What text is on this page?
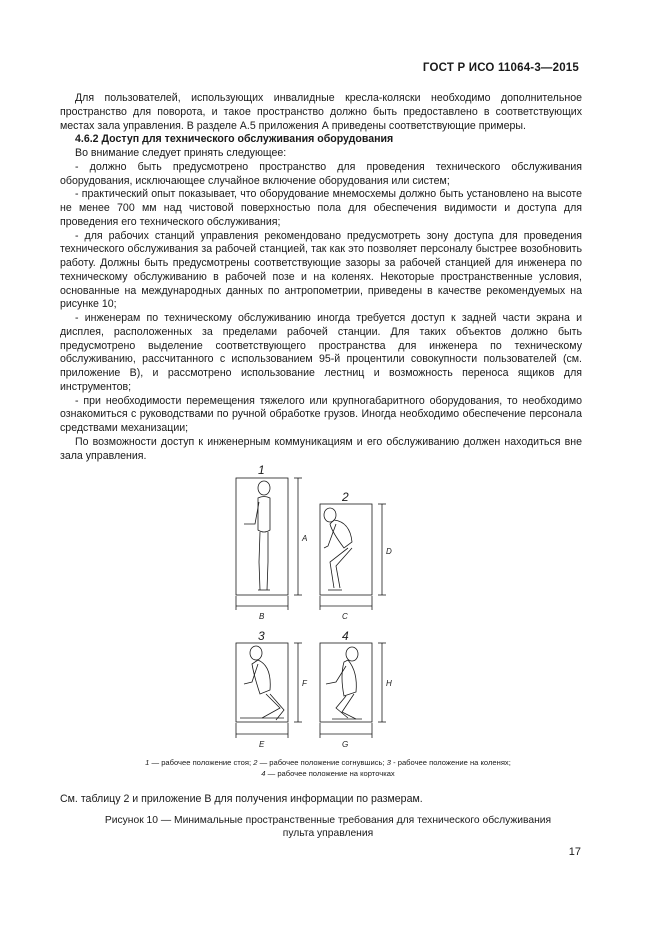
ГОСТ Р ИСО 11064-3—2015

Для пользователей, использующих инвалидные кресла-коляски необходимо дополнительное пространство для поворота, и такое пространство должно быть предоставлено в соответствующих местах зала управления. В разделе А.5 приложения А приведены соответствующие примеры.

4.6.2 Доступ для технического обслуживания оборудования

Во внимание следует принять следующее:

- должно быть предусмотрено пространство для проведения технического обслуживания оборудования, исключающее случайное включение оборудования или систем;

- практический опыт показывает, что оборудование мнемосхемы должно быть установлено на высоте не менее 700 мм над чистовой поверхностью пола для обеспечения видимости и доступа для проведения его технического обслуживания;

- для рабочих станций управления рекомендовано предусмотреть зону доступа для проведения технического обслуживания за рабочей станцией, так как это позволяет персоналу быстрее возобновить работу. Должны быть предусмотрены соответствующие зазоры за рабочей станцией для инженера по техническому обслуживанию в рабочей позе и на коленях. Некоторые пространственные условия, основанные на международных данных по антропометрии, приведены в качестве рекомендуемых на рисунке 10;

- инженерам по техническому обслуживанию иногда требуется доступ к задней части экрана и дисплея, расположенных за пределами рабочей станции. Для таких объектов должно быть предусмотрено выделение соответствующего пространства для инженера по техническому обслуживанию, рассчитанного с использованием 95-й процентили совокупности пользователей (см. приложение В), и рассмотрено использование лестниц и возможность переноса ящиков для инструментов;

- при необходимости перемещения тяжелого или крупногабаритного оборудования, то необходимо ознакомиться с руководствами по ручной обработке грузов. Иногда необходимо обеспечение персонала средствами механизации;

По возможности доступ к инженерным коммуникациям и его обслуживанию должен находиться вне зала управления.

1
2
3	4
A
B	C
D
E
F
G
H
1 — рабочее положение стоя; 2 — рабочее положение согнувшись; 3 - рабочее положение на коленях;
4 — рабочее положение на корточках
См. таблицу 2 и приложение В для получения информации по размерам.
Рисунок 10 — Минимальные пространственные требования для технического обслуживания
пульта управления
17
